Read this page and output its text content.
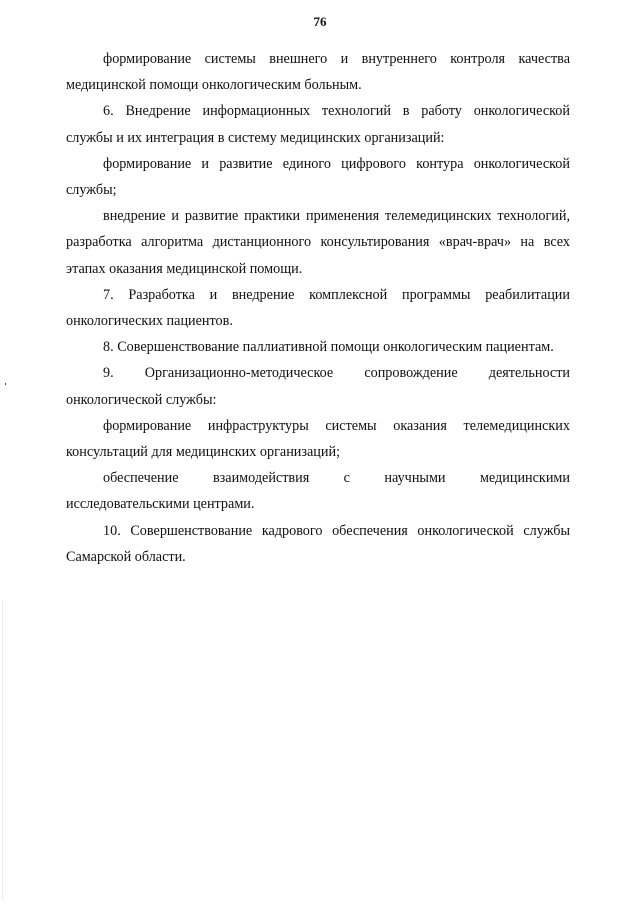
76

формирование системы внешнего и внутреннего контроля качества медицинской помощи онкологическим больным.

6. Внедрение информационных технологий в работу онкологической службы и их интеграция в систему медицинских организаций:

формирование и развитие единого цифрового контура онкологической службы;

внедрение и развитие практики применения телемедицинских технологий, разработка алгоритма дистанционного консультирования «врач-врач» на всех этапах оказания медицинской помощи.

7. Разработка и внедрение комплексной программы реабилитации онкологических пациентов.

8. Совершенствование паллиативной помощи онкологическим пациентам.

9. Организационно-методическое сопровождение деятельности онкологической службы:

формирование инфраструктуры системы оказания телемедицинских консультаций для медицинских организаций;

обеспечение взаимодействия с научными медицинскими исследовательскими центрами.

10. Совершенствование кадрового обеспечения онкологической службы Самарской области.
